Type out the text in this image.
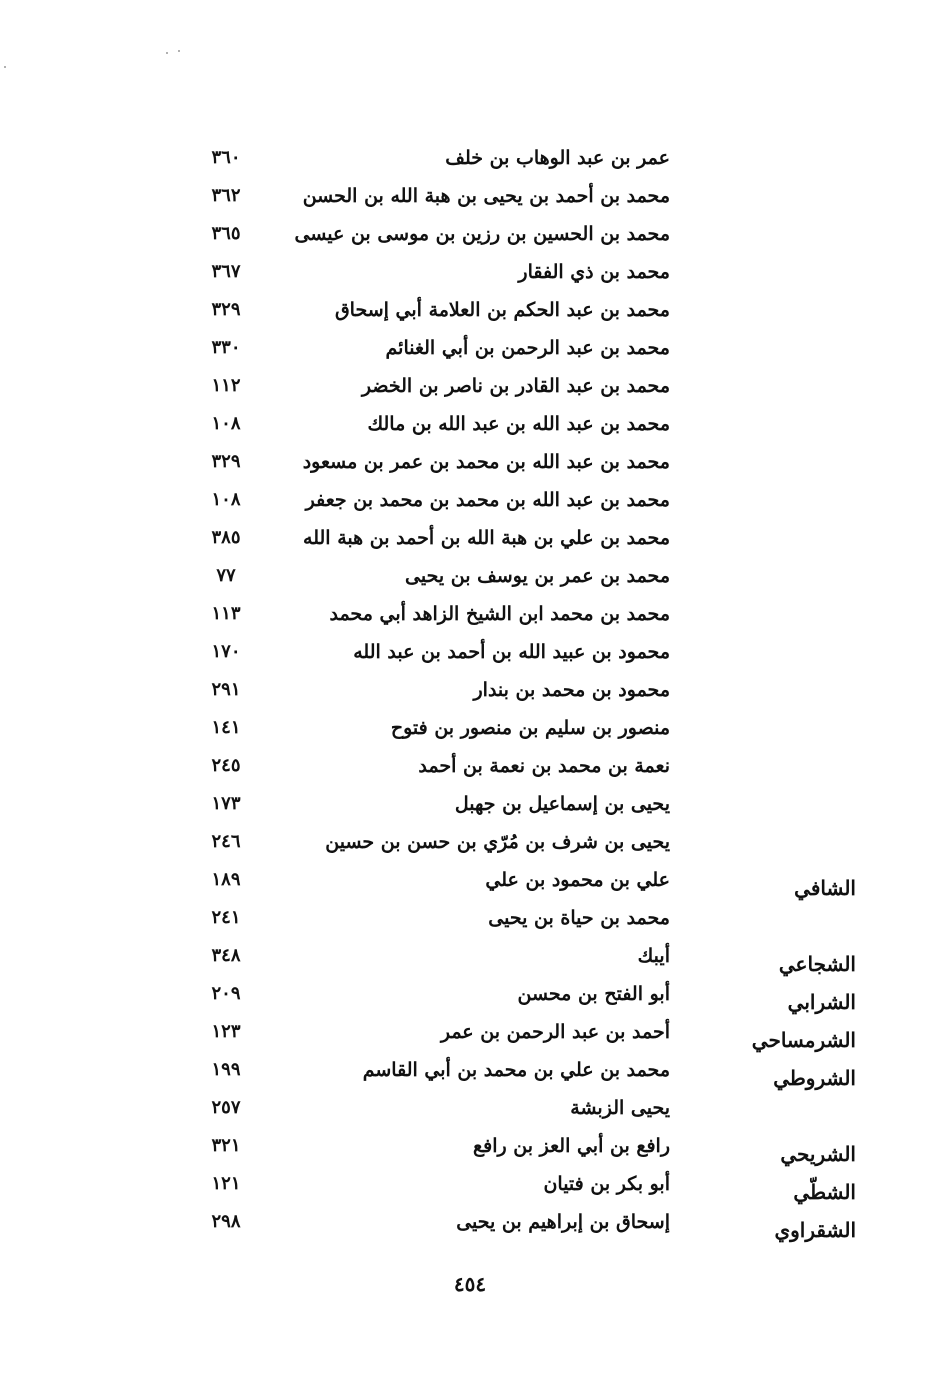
عمر بن عبد الوهاب بن خلف
٣٦٠
محمد بن أحمد بن يحيى بن هبة الله بن الحسن
٣٦٢
محمد بن الحسين بن رزين بن موسى بن عيسى
٣٦٥
محمد بن ذي الفقار
٣٦٧
محمد بن عبد الحكم بن العلامة أبي إسحاق
٣٢٩
محمد بن عبد الرحمن بن أبي الغنائم
٣٣٠
محمد بن عبد القادر بن ناصر بن الخضر
١١٢
محمد بن عبد الله بن عبد الله بن مالك
١٠٨
محمد بن عبد الله بن محمد بن عمر بن مسعود
٣٢٩
محمد بن عبد الله بن محمد بن محمد بن جعفر
١٠٨
محمد بن علي بن هبة الله بن أحمد بن هبة الله
٣٨٥
محمد بن عمر بن يوسف بن يحيى
٧٧
محمد بن محمد ابن الشيخ الزاهد أبي محمد
١١٣
محمود بن عبيد الله بن أحمد بن عبد الله
١٧٠
محمود بن محمد بن بندار
٢٩١
منصور بن سليم بن منصور بن فتوح
١٤١
نعمة بن محمد بن نعمة بن أحمد
٢٤٥
يحيى بن إسماعيل بن جهبل
١٧٣
يحيى بن شرف بن مُرّي بن حسن بن حسين
٢٤٦
الشافي
علي بن محمود بن علي
١٨٩
محمد بن حياة بن يحيى
٢٤١
الشجاعي
أيبك
٣٤٨
الشرابي
أبو الفتح بن محسن
٢٠٩
الشرمساحي
أحمد بن عبد الرحمن بن عمر
١٢٣
الشروطي
محمد بن علي بن محمد بن أبي القاسم
١٩٩
يحيى الزبشة
٢٥٧
الشريحي
رافع بن أبي العز بن رافع
٣٢١
الشطّي
أبو بكر بن فتيان
١٢١
الشقراوي
إسحاق بن إبراهيم بن يحيى
٢٩٨
٤٥٤
